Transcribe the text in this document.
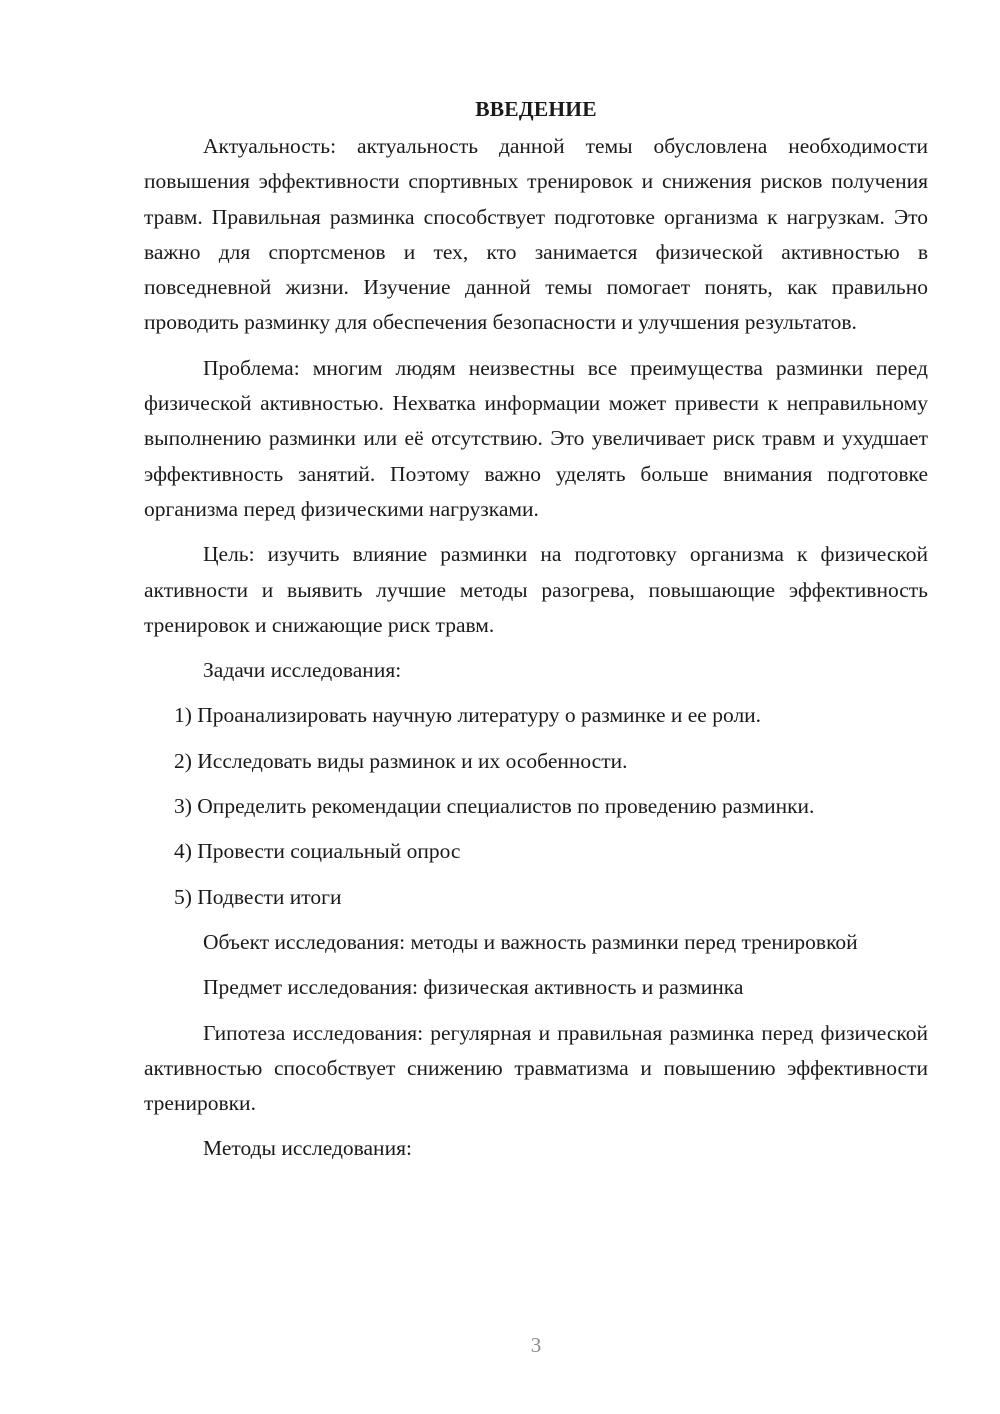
ВВЕДЕНИЕ

Актуальность: актуальность данной темы обусловлена необходимости повышения эффективности спортивных тренировок и снижения рисков получения травм. Правильная разминка способствует подготовке организма к нагрузкам. Это важно для спортсменов и тех, кто занимается физической активностью в повседневной жизни. Изучение данной темы помогает понять, как правильно проводить разминку для обеспечения безопасности и улучшения результатов.

Проблема: многим людям неизвестны все преимущества разминки перед физической активностью. Нехватка информации может привести к неправильному выполнению разминки или её отсутствию. Это увеличивает риск травм и ухудшает эффективность занятий. Поэтому важно уделять больше внимания подготовке организма перед физическими нагрузками.

Цель: изучить влияние разминки на подготовку организма к физической активности и выявить лучшие методы разогрева, повышающие эффективность тренировок и снижающие риск травм.

Задачи исследования:

1) Проанализировать научную литературу о разминке и ее роли.
2) Исследовать виды разминок и их особенности.
3) Определить рекомендации специалистов по проведению разминки.
4) Провести социальный опрос
5) Подвести итоги

Объект исследования: методы и важность разминки перед тренировкой

Предмет исследования: физическая активность и разминка

Гипотеза исследования: регулярная и правильная разминка перед физической активностью способствует снижению травматизма и повышению эффективности тренировки.

Методы исследования:

3
